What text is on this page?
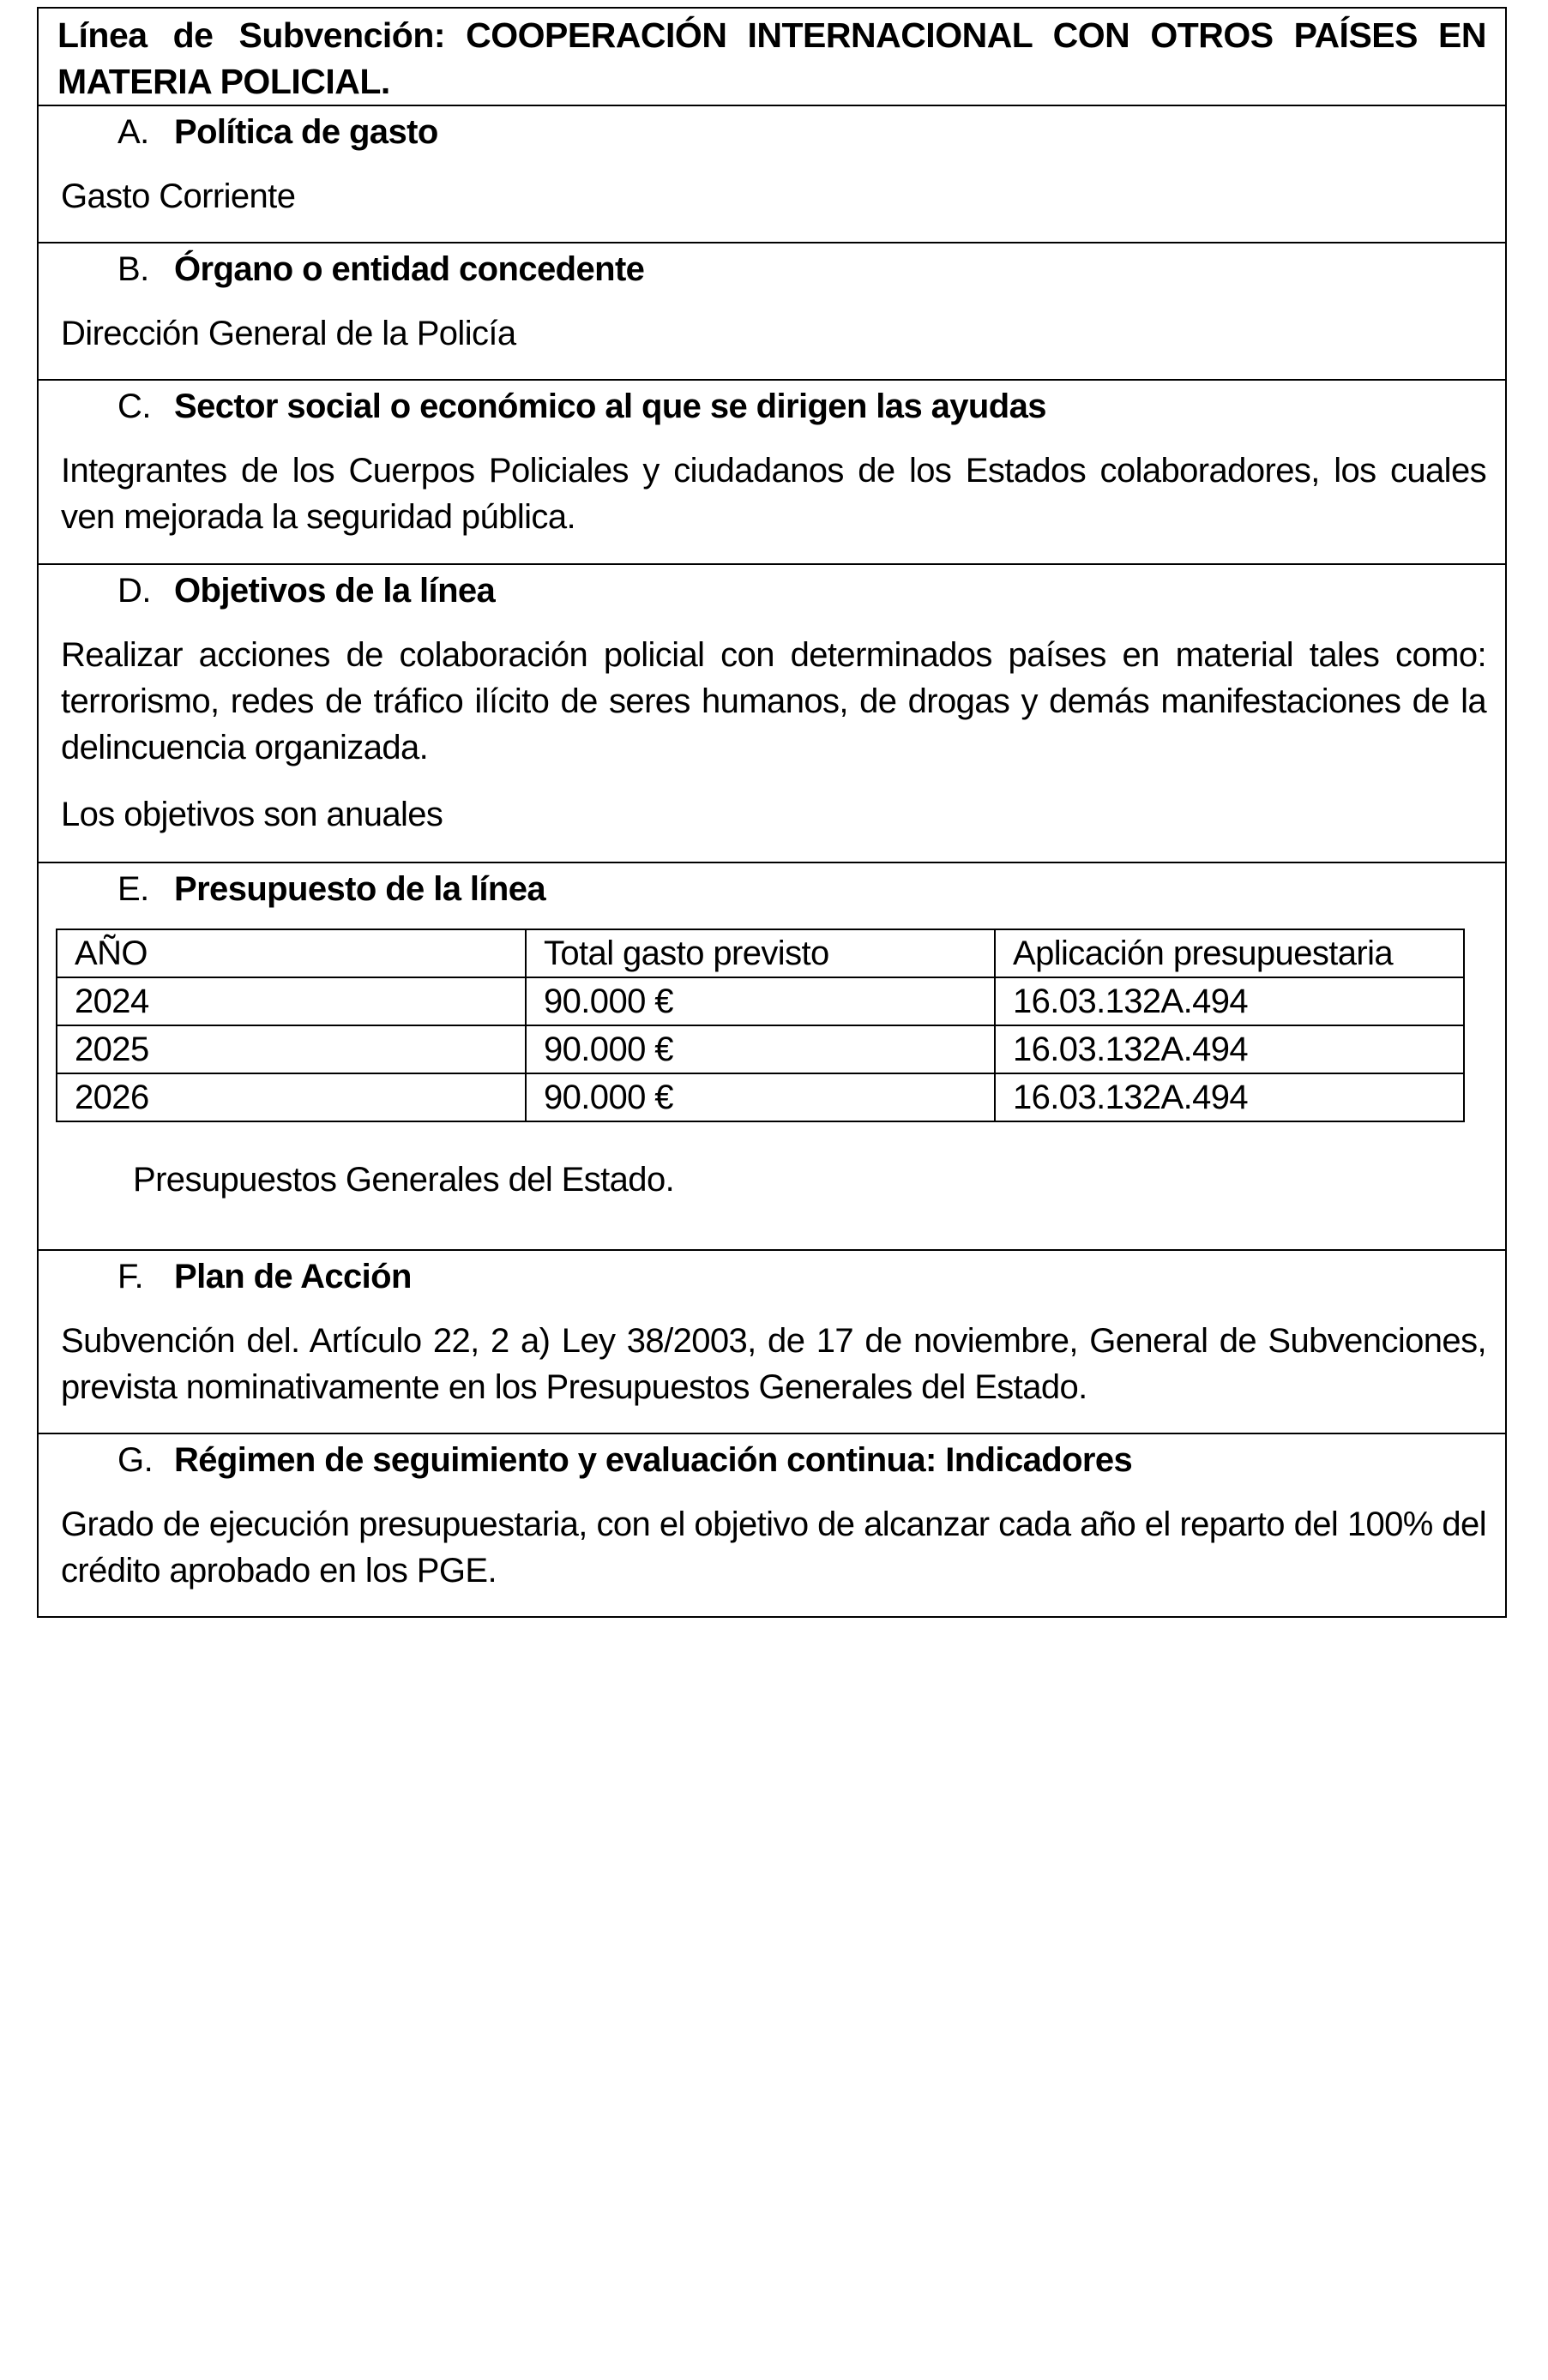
Línea de Subvención: COOPERACIÓN INTERNACIONAL CON OTROS PAÍSES EN MATERIA POLICIAL.
A. Política de gasto
Gasto Corriente
B. Órgano o entidad concedente
Dirección General de la Policía
C. Sector social o económico al que se dirigen las ayudas
Integrantes de los Cuerpos Policiales y ciudadanos de los Estados colaboradores, los cuales ven mejorada la seguridad pública.
D. Objetivos de la línea
Realizar acciones de colaboración policial con determinados países en material tales como: terrorismo, redes de tráfico ilícito de seres humanos, de drogas y demás manifestaciones de la delincuencia organizada.
Los objetivos son anuales
E. Presupuesto de la línea
AÑO	Total gasto previsto	Aplicación presupuestaria
2024	90.000 €	16.03.132A.494
2025	90.000 €	16.03.132A.494
2026	90.000 €	16.03.132A.494
Presupuestos Generales del Estado.
F. Plan de Acción
Subvención del. Artículo 22, 2 a) Ley 38/2003, de 17 de noviembre, General de Subvenciones, prevista nominativamente en los Presupuestos Generales del Estado.
G. Régimen de seguimiento y evaluación continua: Indicadores
Grado de ejecución presupuestaria, con el objetivo de alcanzar cada año el reparto del 100% del crédito aprobado en los PGE.
